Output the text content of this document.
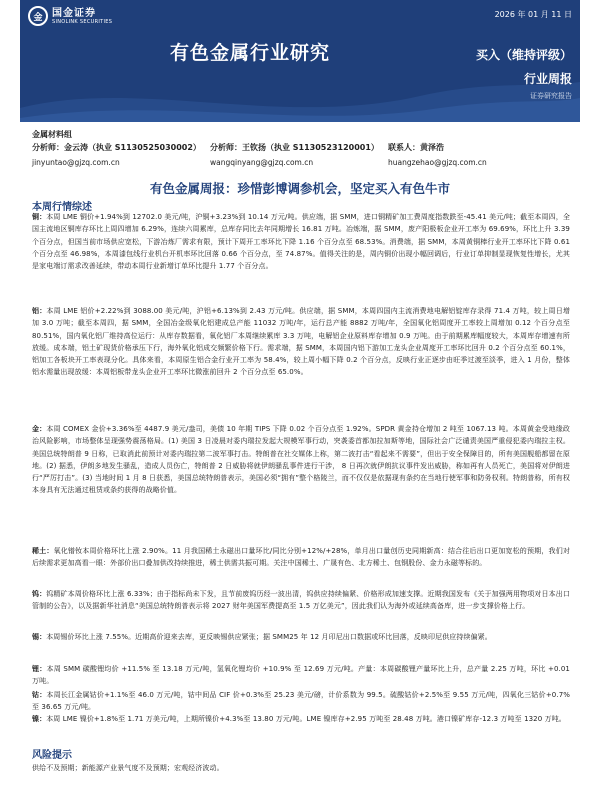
金 国金证券
SINOLINK SECURITIES
2026 年 01 月 11 日
有色金属行业研究	买入（维持评级）
行业周报
证券研究报告
金属材料组
分析师：金云涛（执业 S1130525030002）
jinyuntao@gjzq.com.cn
分析师：王钦扬（执业 S1130523120001）
wangqinyang@gjzq.com.cn
联系人：黄泽浩
huangzehao@gjzq.com.cn
有色金属周报：珍惜彭博调参机会，坚定买入有色牛市
本周行情综述
铜：本周 LME 铜价+1.94%到 12702.0 美元/吨，沪铜+3.23%到 10.14 万元/吨。供应端，据 SMM，进口铜精矿加工费周度指数跌至-45.41 美元/吨；截至本周四，全国主流地区铜库存环比上周四增加 6.29%，连续六周累库，总库存同比去年同期增长 16.81 万吨。冶炼端，据 SMM，废产阳极板企业开工率为 69.69%，环比上升 3.39 个百分点，但国当前市场供应宽松，下游冶炼厂需求有限，预计下周开工率环比下降 1.16 个百分点至 68.53%。消费端，据 SMM，本周黄铜棒行业开工率环比下降 0.61 个百分点至 46.98%，本周漆包线行业机台开机率环比回落 0.66 个百分点，至 74.87%。值得关注的是，周内铜价出现小幅回调后，行业订单抑制显现恢复性增长，尤其是家电端订需求改善延续，带动本周行业新增订单环比提升 1.77 个百分点。
铝：本周 LME 铝价+2.22%到 3088.00 美元/吨，沪铝+6.13%到 2.43 万元/吨。供应端，据 SMM，本周四国内主流消费地电解铝锭库存录得 71.4 万吨，较上周日增加 3.0 万吨；截至本周四，据 SMM，全国冶金级氧化铝建成总产能 11032 万吨/年，运行总产能 8882 万吨/年，全国氧化铝周度开工率较上周增加 0.12 个百分点至 80.51%，国内氧化铝厂维持高位运行：从库存数据看，氧化铝厂本周继续累库 3.3 万吨，电解铝企业原料库存增加 0.9 万吨。由于前期累库幅度较大，本周库存增速有所放缓。成本端，铝土矿现货价格承压下行，海外氧化铝成交频繁价格下行。需求端，据 SMM，本周国内铝下游加工龙头企业周度开工率环比回升 0.2 个百分点至 60.1%，铝加工各板块开工率表现分化。具体来看，本周原生铝合金行业开工率为 58.4%，较上周小幅下降 0.2 个百分点，反映行业正逐步由旺季过渡至淡季，进入 1 月份，整体铝水需量出现放缓：本周铝板带龙头企业开工率环比微涨前回升 2 个百分点至 65.0%。
金：本周 COMEX 金价+3.36%至 4487.9 美元/盎司，美债 10 年期 TIPS 下降 0.02 个百分点至 1.92%。SPDR 黄金持仓增加 2 吨至 1067.13 吨。本周黄金受地缘政治风险影响，市场整体呈现强势震荡格局。(1) 美国 3 日凌晨对委内瑞拉发起大规模军事行动，突袭委首都加拉加斯等地，国际社会广泛谴责美国严重侵犯委内瑞拉主权。美国总统特朗普 9 日称，已取消此前预计对委内瑞拉第二波军事打击。特朗普在社交媒体上称，第二波打击“看起来不需要”，但出于安全保障目的，所有美国舰船都留在原地。(2) 据悉，伊朗多地发生骚乱，造成人员伤亡，特朗普 2 日威胁将就伊朗骚乱事件进行干涉， 8 日再次就伊朗抗议事件发出威胁，称如再有人员死亡，美国将对伊朗进行“严厉打击”。(3) 当地时间 1 月 8 日获悉，美国总统特朗普表示，美国必须“拥有”整个格陵兰，而不仅仅是依据现有条约在当地行使军事和防务权利。特朗普称，所有权本身具有无法通过租赁或条约获得的战略价值。
稀土：氧化镨钕本周价格环比上涨 2.90%。11 月我国稀土永磁出口量环比/同比分别+12%/+28%，单月出口量创历史同期新高：结合往后出口更加宽松的预期，我们对后续需求更加高看一眼：外部价出口叠加供改持续推进，稀土供需共振可期。关注中国稀土、广晟有色、北方稀土、包钢股份、金力永磁等标的。
钨：钨精矿本周价格环比上涨 6.33%；由于指标尚未下发，且节前废钨历经一波出清，钨供应持续偏紧、价格形成加速支撑。近期我国发布《关于加强两用物项对日本出口管制的公告》，以及据新华社消息“美国总统特朗普表示将 2027 财年美国军费提高至 1.5 万亿美元”，因此我们认为海外或延续高备库，进一步支撑价格上行。
锡：本周锡价环比上涨 7.55%。近期高价迎来去库，更反映锡供应紧张；据 SMM25 年 12 月印尼出口数据或环比回落，反映印尼供应持续偏紧。
锂：本周 SMM 碳酸锂均价 +11.5% 至 13.18 万元/吨，氢氧化锂均价 +10.9% 至 12.69 万元/吨。产量：本周碳酸锂产量环比上升，总产量 2.25 万吨，环比 +0.01 万吨。
钴：本周长江金属钴价+1.1%至 46.0 万元/吨，钴中间品 CIF 价+0.3%至 25.23 美元/磅，计价系数为 99.5。硫酸钴价+2.5%至 9.55 万元/吨，四氧化三钴价+0.7%至 36.65 万元/吨。
镍：本周 LME 镍价+1.8%至 1.71 万美元/吨，上期所镍价+4.3%至 13.80 万元/吨。LME 镍库存+2.95 万吨至 28.48 万吨。港口镍矿库存-12.3 万吨至 1320 万吨。
风险提示
供给不及预期；新能源产业景气度不及预期；宏观经济波动。
